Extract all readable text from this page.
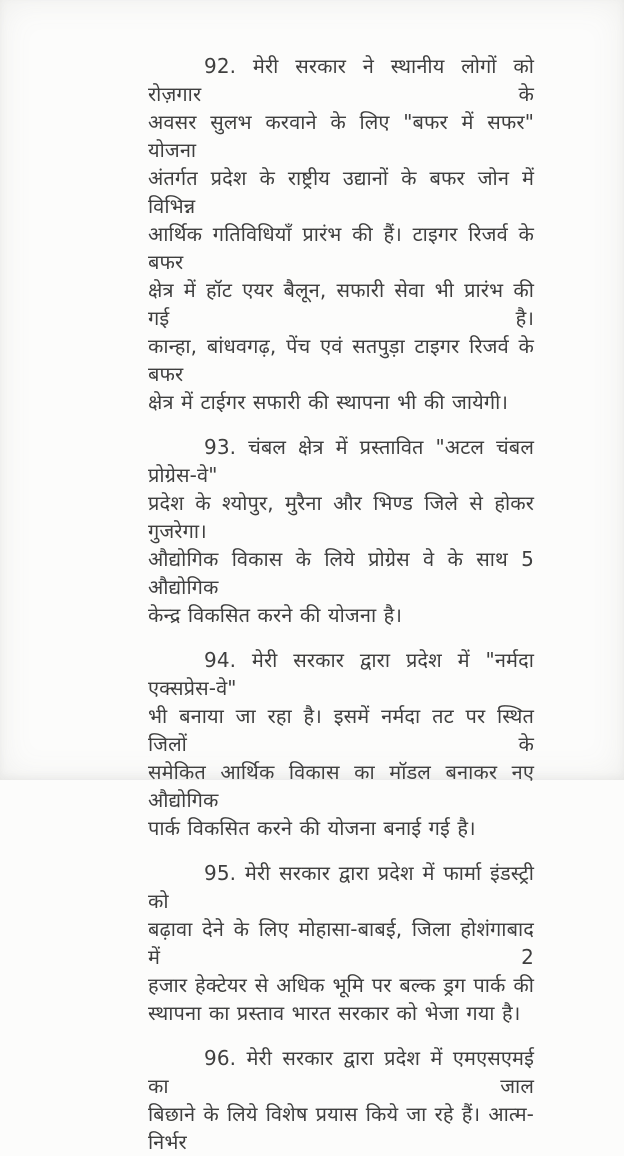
92. मेरी सरकार ने स्थानीय लोगों को रोज़गार के
अवसर सुलभ करवाने के लिए "बफर में सफर" योजना
अंतर्गत प्रदेश के राष्ट्रीय उद्यानों के बफर जोन में विभिन्न
आर्थिक गतिविधियाँ प्रारंभ की हैं। टाइगर रिजर्व के बफर
क्षेत्र में हॉट एयर बैलून, सफारी सेवा भी प्रारंभ की गई है।
कान्हा, बांधवगढ़, पेंच एवं सतपुड़ा टाइगर रिजर्व के बफर
क्षेत्र में टाईगर सफारी की स्थापना भी की जायेगी।
93. चंबल क्षेत्र में प्रस्तावित "अटल चंबल प्रोग्रेस-वे"
प्रदेश के श्योपुर, मुरैना और भिण्ड जिले से होकर गुजरेगा।
औद्योगिक विकास के लिये प्रोग्रेस वे के साथ 5 औद्योगिक
केन्द्र विकसित करने की योजना है।
94. मेरी सरकार द्वारा प्रदेश में "नर्मदा एक्सप्रेस-वे"
भी बनाया जा रहा है। इसमें नर्मदा तट पर स्थित जिलों के
समेकित आर्थिक विकास का मॉडल बनाकर नए औद्योगिक
पार्क विकसित करने की योजना बनाई गई है।
95. मेरी सरकार द्वारा प्रदेश में फार्मा इंडस्ट्री को
बढ़ावा देने के लिए मोहासा-बाबई, जिला होशंगाबाद में 2
हजार हेक्टेयर से अधिक भूमि पर बल्क ड्रग पार्क की
स्थापना का प्रस्ताव भारत सरकार को भेजा गया है।
96. मेरी सरकार द्वारा प्रदेश में एमएसएमई का जाल
बिछाने के लिये विशेष प्रयास किये जा रहे हैं। आत्म-निर्भर
